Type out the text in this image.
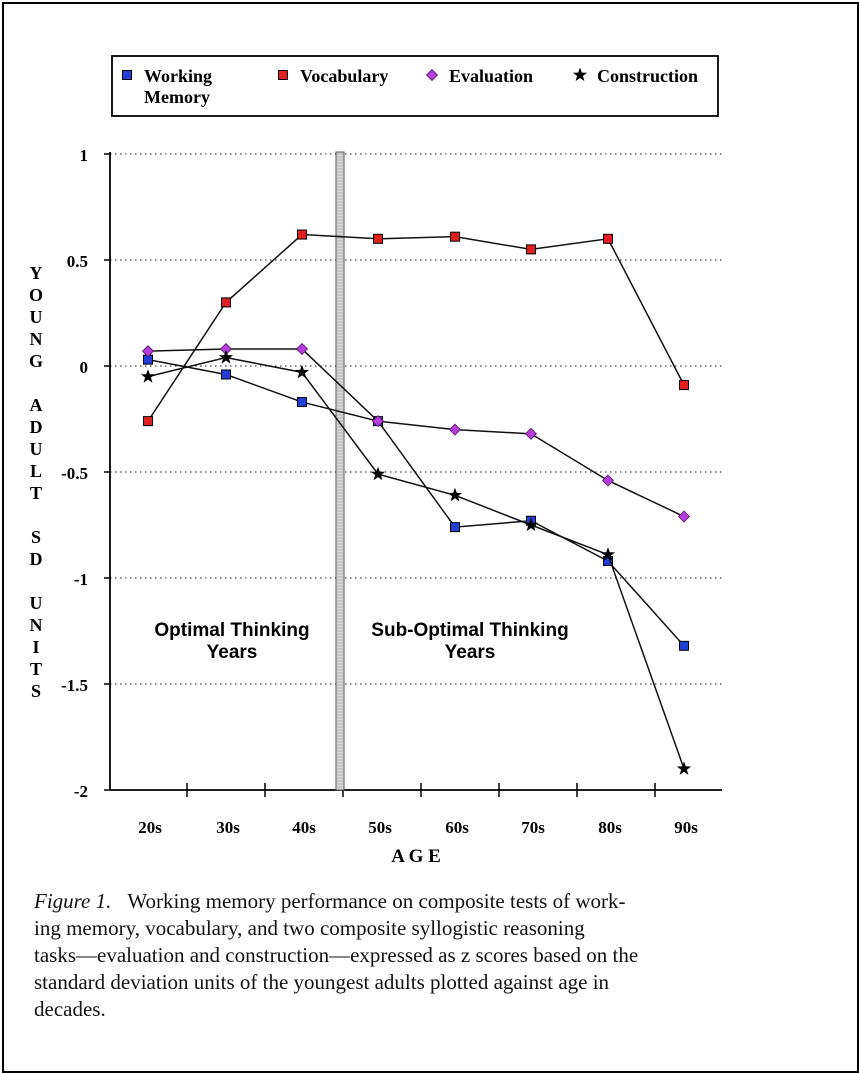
Working
Memory
Vocabulary	Evaluation	Construction
1
0.5
0
-0.5
-1
-1.5
-2
20s	30s	40s	50s	60s	70s	80s	90s
A G E
Y
O
U
N
G
A
D
U
L
T
S
D
U
N
I
T
S
Optimal Thinking
Years
Sub-Optimal Thinking
Years
Figure 1. Working memory performance on composite tests of work-
ing memory, vocabulary, and two composite syllogistic reasoning
tasks—evaluation and construction—expressed as z scores based on the
standard deviation units of the youngest adults plotted against age in
decades.
